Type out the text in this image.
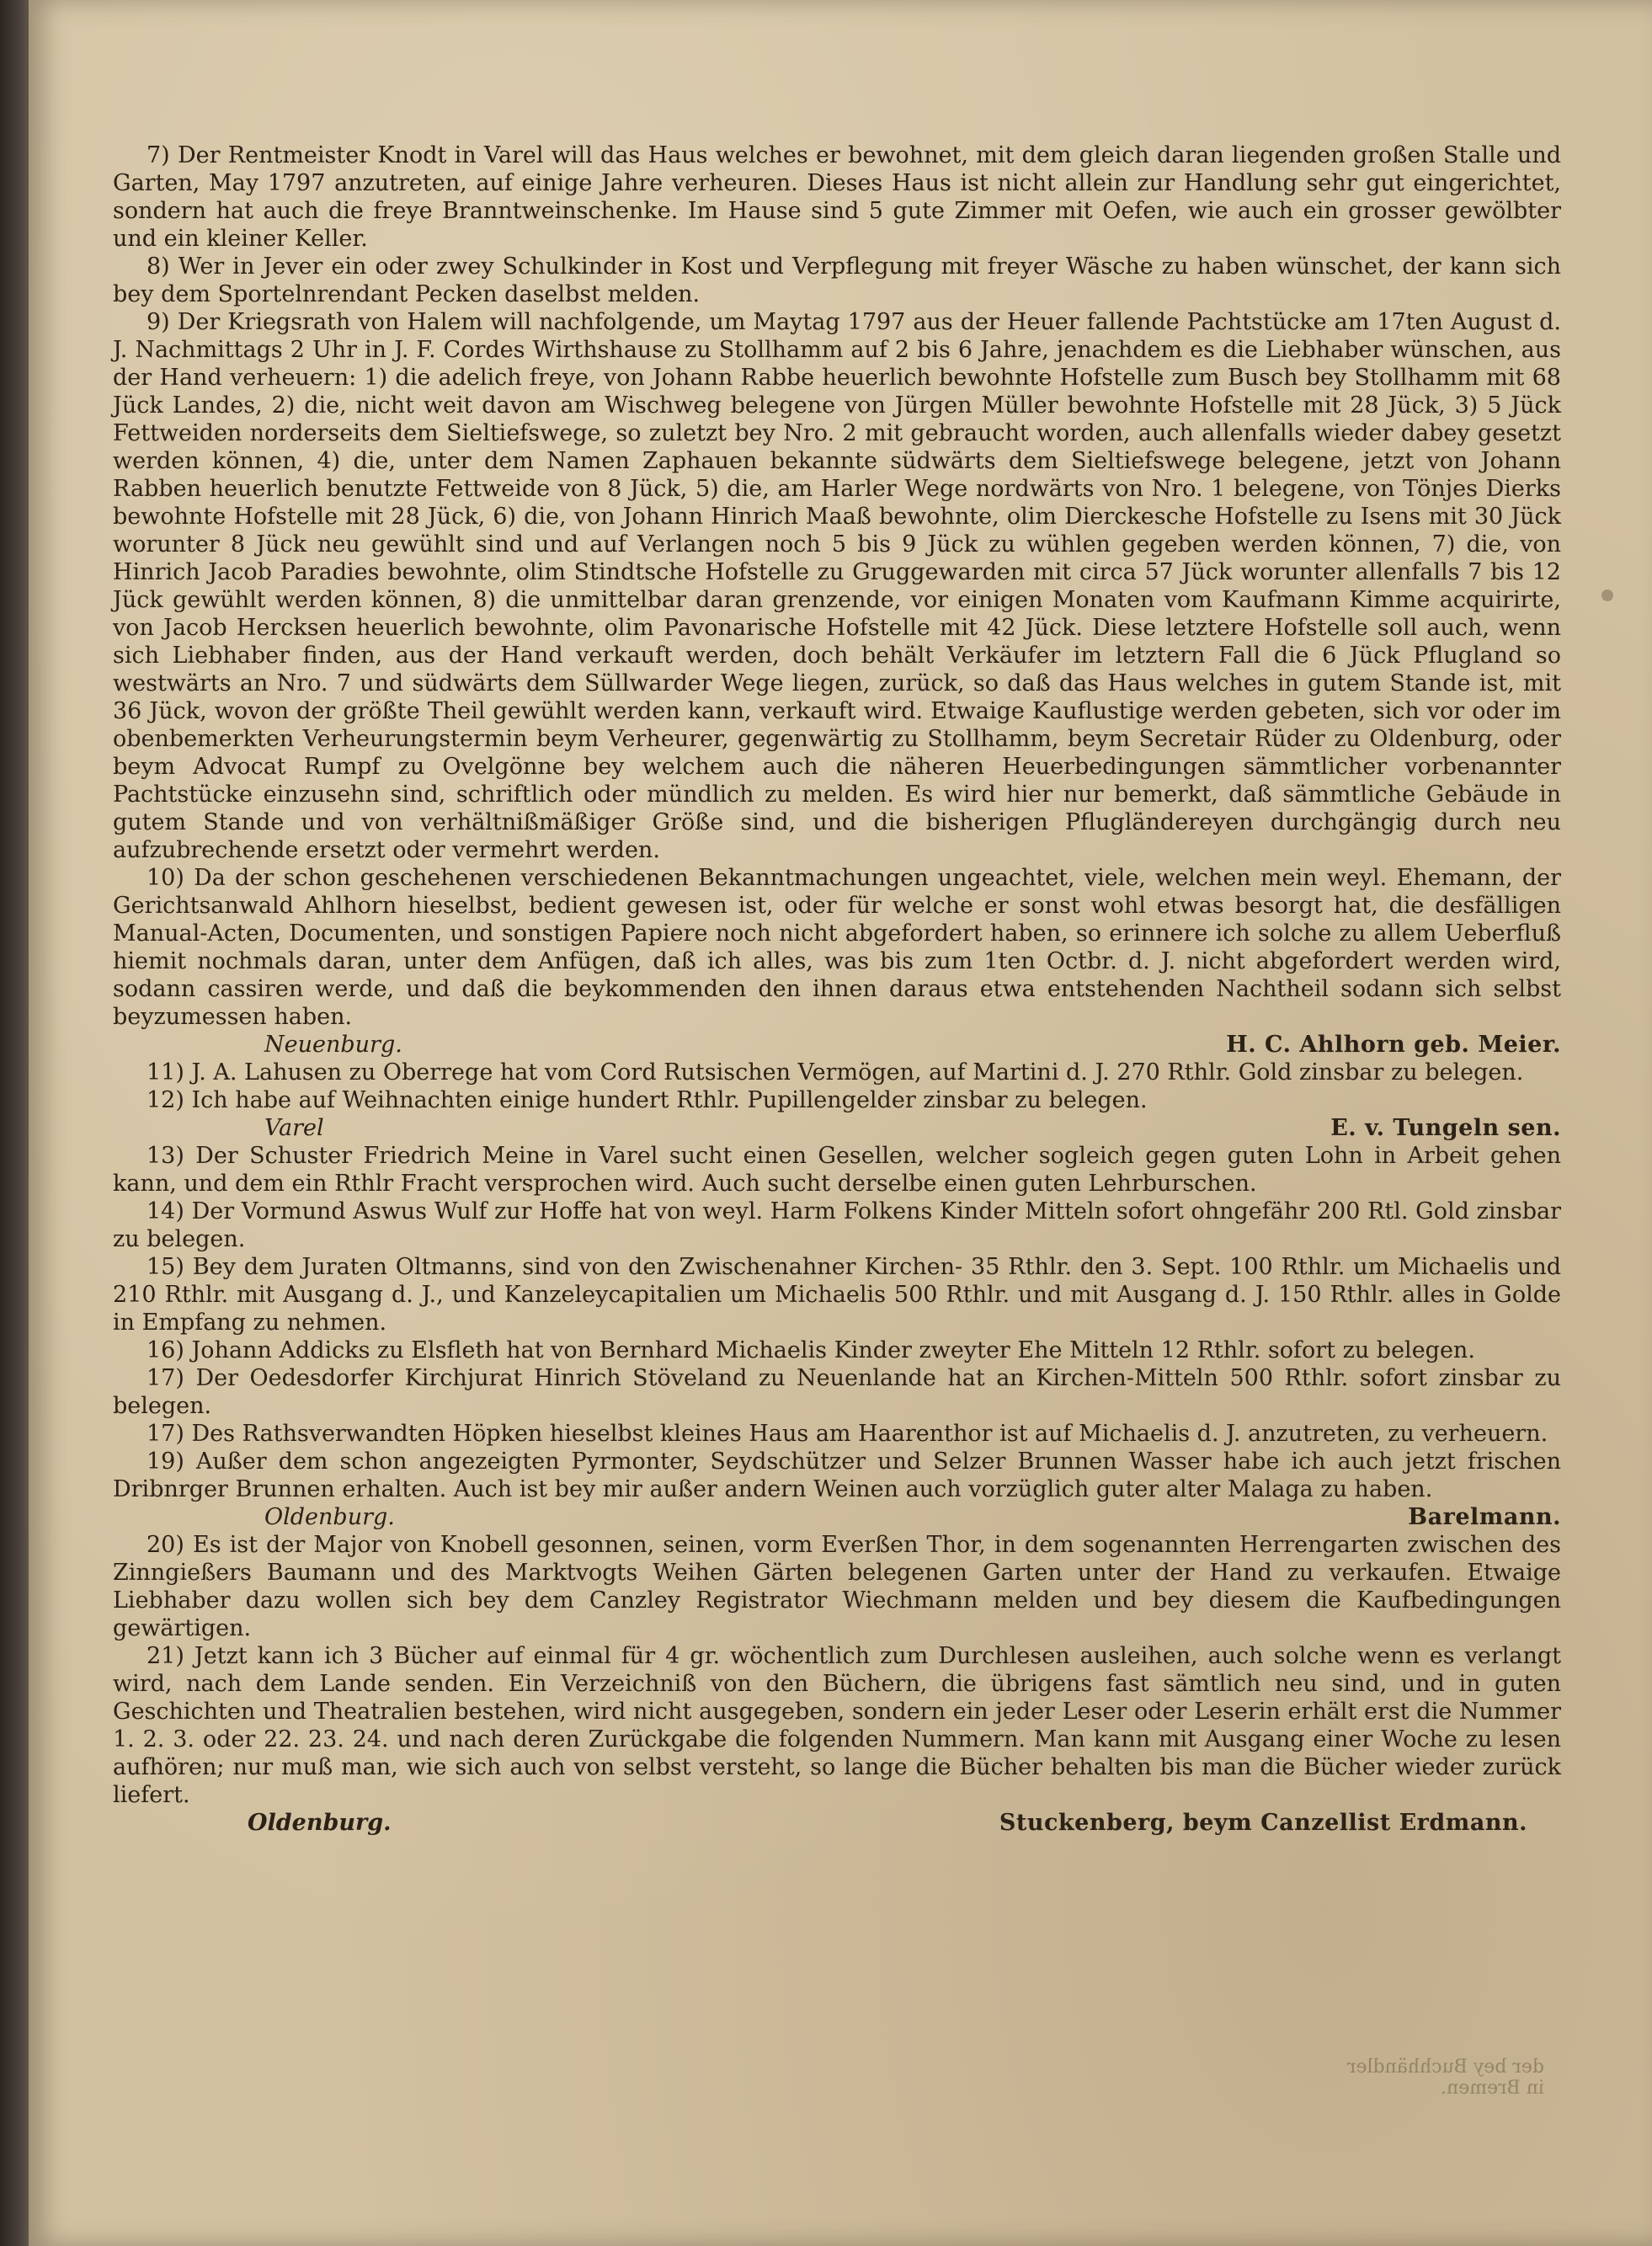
7) Der Rentmeister Knodt in Varel will das Haus welches er bewohnet, mit dem gleich daran liegenden großen Stalle und Garten, May 1797 anzutreten, auf einige Jahre verheuren. Dieses Haus ist nicht allein zur Handlung sehr gut eingerichtet, sondern hat auch die freye Branntweinschenke. Im Hause sind 5 gute Zimmer mit Oefen, wie auch ein grosser gewölbter und ein kleiner Keller.

8) Wer in Jever ein oder zwey Schulkinder in Kost und Verpflegung mit freyer Wäsche zu haben wünschet, der kann sich bey dem Sportelnrendant Pecken daselbst melden.

9) Der Kriegsrath von Halem will nachfolgende, um Maytag 1797 aus der Heuer fallende Pachtstücke am 17ten August d. J. Nachmittags 2 Uhr in J. F. Cordes Wirthshause zu Stollhamm auf 2 bis 6 Jahre, jenachdem es die Liebhaber wünschen, aus der Hand verheuern: 1) die adelich freye, von Johann Rabbe heuerlich bewohnte Hofstelle zum Busch bey Stollhamm mit 68 Jück Landes, 2) die, nicht weit davon am Wischweg belegene von Jürgen Müller bewohnte Hofstelle mit 28 Jück, 3) 5 Jück Fettweiden norderseits dem Sieltiefswege, so zuletzt bey Nro. 2 mit gebraucht worden, auch allenfalls wieder dabey gesetzt werden können, 4) die, unter dem Namen Zaphauen bekannte südwärts dem Sieltiefswege belegene, jetzt von Johann Rabben heuerlich benutzte Fettweide von 8 Jück, 5) die, am Harler Wege nordwärts von Nro. 1 belegene, von Tönjes Dierks bewohnte Hofstelle mit 28 Jück, 6) die, von Johann Hinrich Maaß bewohnte, olim Dierckesche Hofstelle zu Isens mit 30 Jück worunter 8 Jück neu gewühlt sind und auf Verlangen noch 5 bis 9 Jück zu wühlen gegeben werden können, 7) die, von Hinrich Jacob Paradies bewohnte, olim Stindtsche Hofstelle zu Gruggewarden mit circa 57 Jück worunter allenfalls 7 bis 12 Jück gewühlt werden können, 8) die unmittelbar daran grenzende, vor einigen Monaten vom Kaufmann Kimme acquirirte, von Jacob Hercksen heuerlich bewohnte, olim Pavonarische Hofstelle mit 42 Jück. Diese letztere Hofstelle soll auch, wenn sich Liebhaber finden, aus der Hand verkauft werden, doch behält Verkäufer im letztern Fall die 6 Jück Pflugland so westwärts an Nro. 7 und südwärts dem Süllwarder Wege liegen, zurück, so daß das Haus welches in gutem Stande ist, mit 36 Jück, wovon der größte Theil gewühlt werden kann, verkauft wird. Etwaige Kauflustige werden gebeten, sich vor oder im obenbemerkten Verheurungstermin beym Verheurer, gegenwärtig zu Stollhamm, beym Secretair Rüder zu Oldenburg, oder beym Advocat Rumpf zu Ovelgönne bey welchem auch die näheren Heuerbedingungen sämmtlicher vorbenannter Pachtstücke einzusehn sind, schriftlich oder mündlich zu melden. Es wird hier nur bemerkt, daß sämmtliche Gebäude in gutem Stande und von verhältnißmäßiger Größe sind, und die bisherigen Pflugländereyen durchgängig durch neu aufzubrechende ersetzt oder vermehrt werden.

10) Da der schon geschehenen verschiedenen Bekanntmachungen ungeachtet, viele, welchen mein weyl. Ehemann, der Gerichtsanwald Ahlhorn hieselbst, bedient gewesen ist, oder für welche er sonst wohl etwas besorgt hat, die desfälligen Manual-Acten, Documenten, und sonstigen Papiere noch nicht abgefordert haben, so erinnere ich solche zu allem Ueberfluß hiemit nochmals daran, unter dem Anfügen, daß ich alles, was bis zum 1ten Octbr. d. J. nicht abgefordert werden wird, sodann cassiren werde, und daß die beykommenden den ihnen daraus etwa entstehenden Nachtheil sodann sich selbst beyzumessen haben.

Neuenburg.	H. C. Ahlhorn geb. Meier.

11) J. A. Lahusen zu Oberrege hat vom Cord Rutsischen Vermögen, auf Martini d. J. 270 Rthlr. Gold zinsbar zu belegen.

12) Ich habe auf Weihnachten einige hundert Rthlr. Pupillengelder zinsbar zu belegen.

Varel	E. v. Tungeln sen.

13) Der Schuster Friedrich Meine in Varel sucht einen Gesellen, welcher sogleich gegen guten Lohn in Arbeit gehen kann, und dem ein Rthlr Fracht versprochen wird. Auch sucht derselbe einen guten Lehrburschen.

14) Der Vormund Aswus Wulf zur Hoffe hat von weyl. Harm Folkens Kinder Mitteln sofort ohngefähr 200 Rtl. Gold zinsbar zu belegen.

15) Bey dem Juraten Oltmanns, sind von den Zwischenahner Kirchen- 35 Rthlr. den 3. Sept. 100 Rthlr. um Michaelis und 210 Rthlr. mit Ausgang d. J., und Kanzeleycapitalien um Michaelis 500 Rthlr. und mit Ausgang d. J. 150 Rthlr. alles in Golde in Empfang zu nehmen.

16) Johann Addicks zu Elsfleth hat von Bernhard Michaelis Kinder zweyter Ehe Mitteln 12 Rthlr. sofort zu belegen.

17) Der Oedesdorfer Kirchjurat Hinrich Stöveland zu Neuenlande hat an Kirchen-Mitteln 500 Rthlr. sofort zinsbar zu belegen.

17) Des Rathsverwandten Höpken hieselbst kleines Haus am Haarenthor ist auf Michaelis d. J. anzutreten, zu verheuern.

19) Außer dem schon angezeigten Pyrmonter, Seydschützer und Selzer Brunnen Wasser habe ich auch jetzt frischen Dribnrger Brunnen erhalten. Auch ist bey mir außer andern Weinen auch vorzüglich guter alter Malaga zu haben.

Oldenburg.	Barelmann.

20) Es ist der Major von Knobell gesonnen, seinen, vorm Everßen Thor, in dem sogenannten Herrengarten zwischen des Zinngießers Baumann und des Marktvogts Weihen Gärten belegenen Garten unter der Hand zu verkaufen. Etwaige Liebhaber dazu wollen sich bey dem Canzley Registrator Wiechmann melden und bey diesem die Kaufbedingungen gewärtigen.

21) Jetzt kann ich 3 Bücher auf einmal für 4 gr. wöchentlich zum Durchlesen ausleihen, auch solche wenn es verlangt wird, nach dem Lande senden. Ein Verzeichniß von den Büchern, die übrigens fast sämtlich neu sind, und in guten Geschichten und Theatralien bestehen, wird nicht ausgegeben, sondern ein jeder Leser oder Leserin erhält erst die Nummer 1. 2. 3. oder 22. 23. 24. und nach deren Zurückgabe die folgenden Nummern. Man kann mit Ausgang einer Woche zu lesen aufhören; nur muß man, wie sich auch von selbst versteht, so lange die Bücher behalten bis man die Bücher wieder zurück liefert.

Oldenburg.	Stuckenberg, beym Canzellist Erdmann.
der bey Buchhändler in Bremen.
